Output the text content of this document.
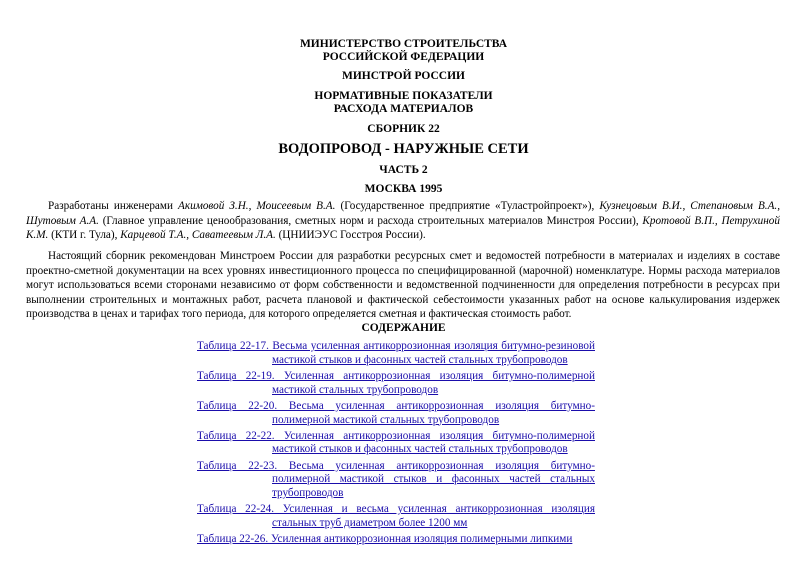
МИНИСТЕРСТВО СТРОИТЕЛЬСТВА
РОССИЙСКОЙ ФЕДЕРАЦИИ
МИНСТРОЙ РОССИИ
НОРМАТИВНЫЕ ПОКАЗАТЕЛИ
РАСХОДА МАТЕРИАЛОВ
СБОРНИК 22
ВОДОПРОВОД - НАРУЖНЫЕ СЕТИ
ЧАСТЬ 2
МОСКВА 1995
Разработаны инженерами Акимовой З.Н., Моисеевым В.А. (Государственное предприятие «Туластройпроект»), Кузнецовым В.И., Степановым В.А., Шутовым А.А. (Главное управление ценообразования, сметных норм и расхода строительных материалов Минстроя России), Кротовой В.П., Петрухиной К.М. (КТИ г. Тула), Карцевой Т.А., Саватеевым Л.А. (ЦНИИЭУС Госстроя России).
Настоящий сборник рекомендован Минстроем России для разработки ресурсных смет и ведомостей потребности в материалах и изделиях в составе проектно-сметной документации на всех уровнях инвестиционного процесса по специфицированной (марочной) номенклатуре. Нормы расхода материалов могут использоваться всеми сторонами независимо от форм собственности и ведомственной подчиненности для определения потребности в ресурсах при выполнении строительных и монтажных работ, расчета плановой и фактической себестоимости указанных работ на основе калькулирования издержек производства в ценах и тарифах того периода, для которого определяется сметная и фактическая стоимость работ.
СОДЕРЖАНИЕ
Таблица 22-17. Весьма усиленная антикоррозионная изоляция битумно-резиновой мастикой стыков и фасонных частей стальных трубопроводов
Таблица 22-19. Усиленная антикоррозионная изоляция битумно-полимерной мастикой стальных трубопроводов
Таблица 22-20. Весьма усиленная антикоррозионная изоляция битумно-полимерной мастикой стальных трубопроводов
Таблица 22-22. Усиленная антикоррозионная изоляция битумно-полимерной мастикой стыков и фасонных частей стальных трубопроводов
Таблица 22-23. Весьма усиленная антикоррозионная изоляция битумно-полимерной мастикой стыков и фасонных частей стальных трубопроводов
Таблица 22-24. Усиленная и весьма усиленная антикоррозионная изоляция стальных труб диаметром более 1200 мм
Таблица 22-26. Усиленная антикоррозионная изоляция полимерными липкими
